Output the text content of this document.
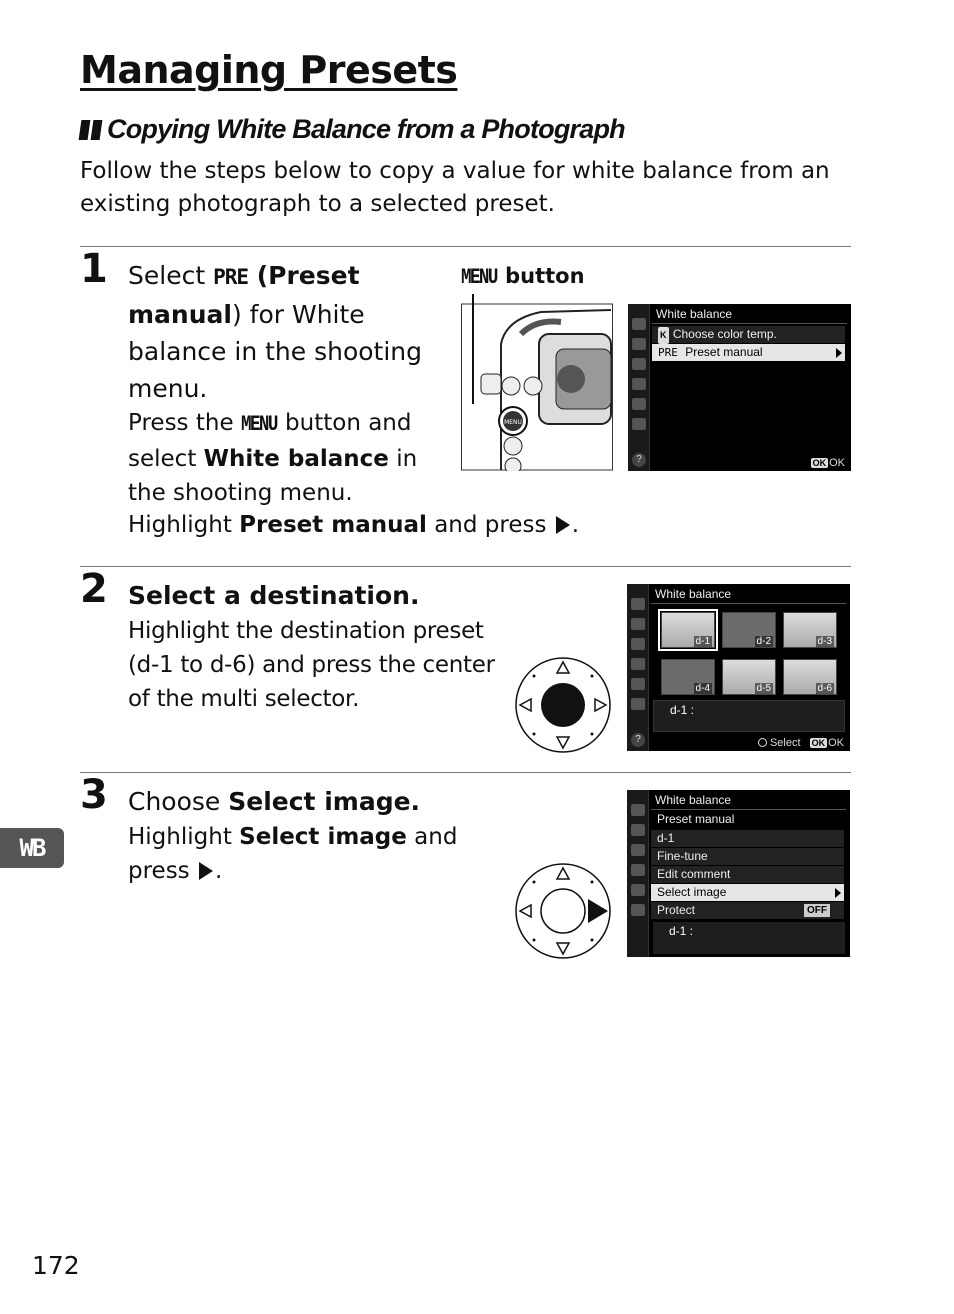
Managing Presets
Copying White Balance from a Photograph
Follow the steps below to copy a value for white balance from an existing photograph to a selected preset.
1 Select PRE (Preset manual) for White balance in the shooting menu.
Press the MENU button and select White balance in the shooting menu.
Highlight Preset manual and press .
MENU button
MENU
?
White balance
K Choose color temp.
PRE Preset manual
OK OK
2 Select a destination.
Highlight the destination preset (d-1 to d-6) and press the center of the multi selector.
?
White balance
d-1	d-2	d-3
d-4	d-5	d-6
d-1 :
Select OK OK
3 Choose Select image.
Highlight Select image and press .
White balance
Preset manual
d-1
Fine-tune
Edit comment
Select image
Protect	OFF
d-1 :
WB
172
